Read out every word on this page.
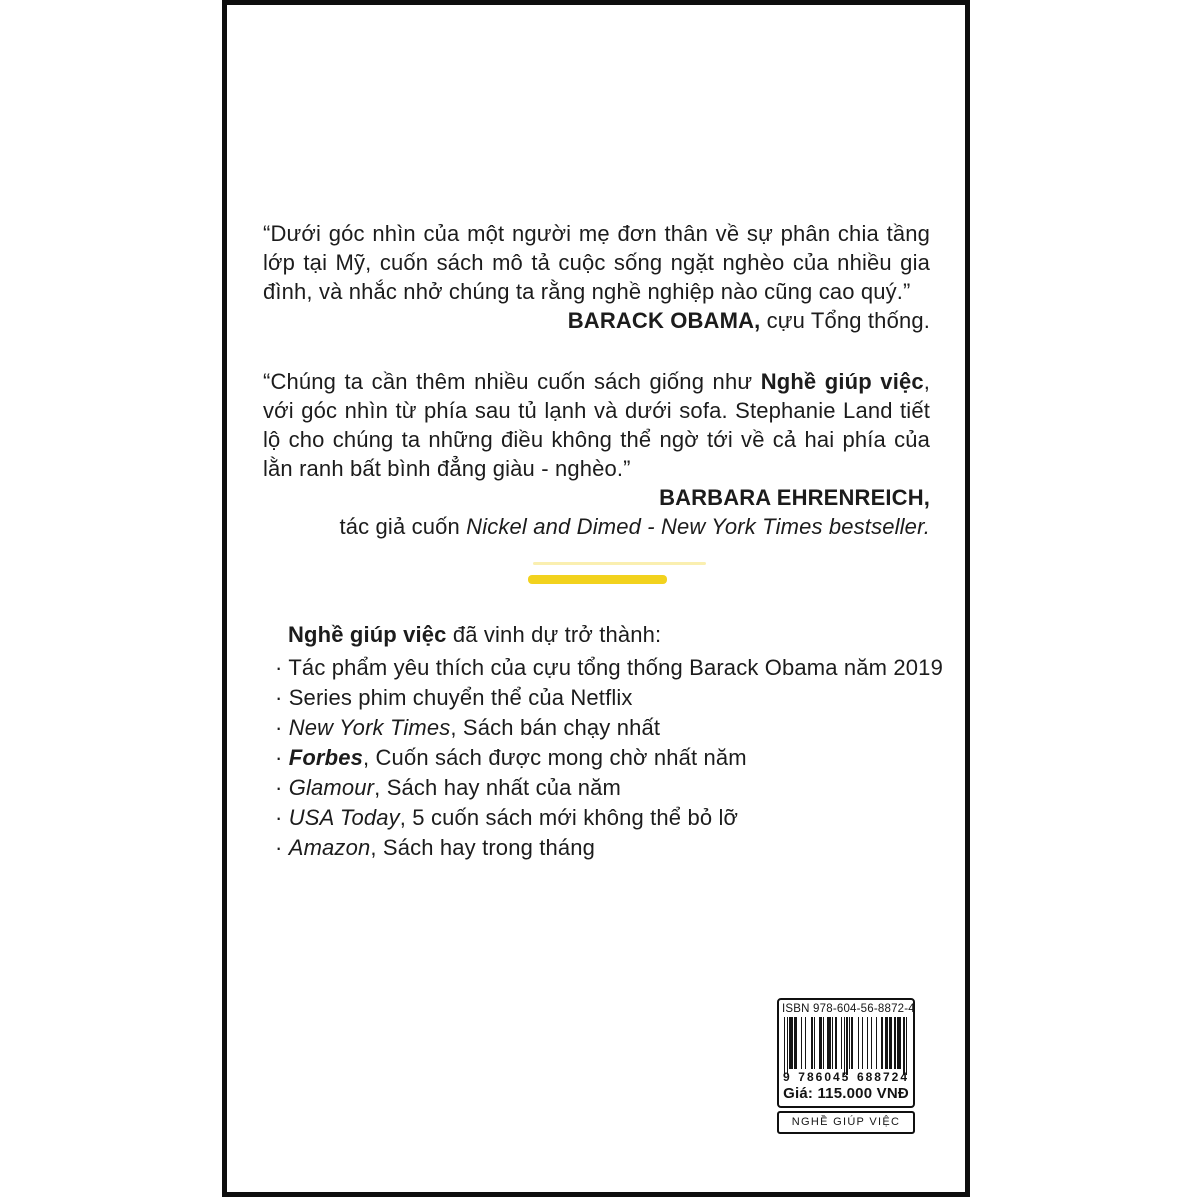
“Dưới góc nhìn của một người mẹ đơn thân về sự phân chia tầng lớp tại Mỹ, cuốn sách mô tả cuộc sống ngặt nghèo của nhiều gia đình, và nhắc nhở chúng ta rằng nghề nghiệp nào cũng cao quý.”

BARACK OBAMA, cựu Tổng thống.

“Chúng ta cần thêm nhiều cuốn sách giống như Nghề giúp việc, với góc nhìn từ phía sau tủ lạnh và dưới sofa. Stephanie Land tiết lộ cho chúng ta những điều không thể ngờ tới về cả hai phía của lằn ranh bất bình đẳng giàu - nghèo.”

BARBARA EHRENREICH,

tác giả cuốn Nickel and Dimed - New York Times bestseller.

Nghề giúp việc đã vinh dự trở thành:

· Tác phẩm yêu thích của cựu tổng thống Barack Obama năm 2019

· Series phim chuyển thể của Netflix

· New York Times, Sách bán chạy nhất

· Forbes, Cuốn sách được mong chờ nhất năm

· Glamour, Sách hay nhất của năm

· USA Today, 5 cuốn sách mới không thể bỏ lỡ

· Amazon, Sách hay trong tháng

ISBN 978-604-56-8872-4
9 786045 688724
Giá: 115.000 VNĐ
NGHỀ GIÚP VIỆC
